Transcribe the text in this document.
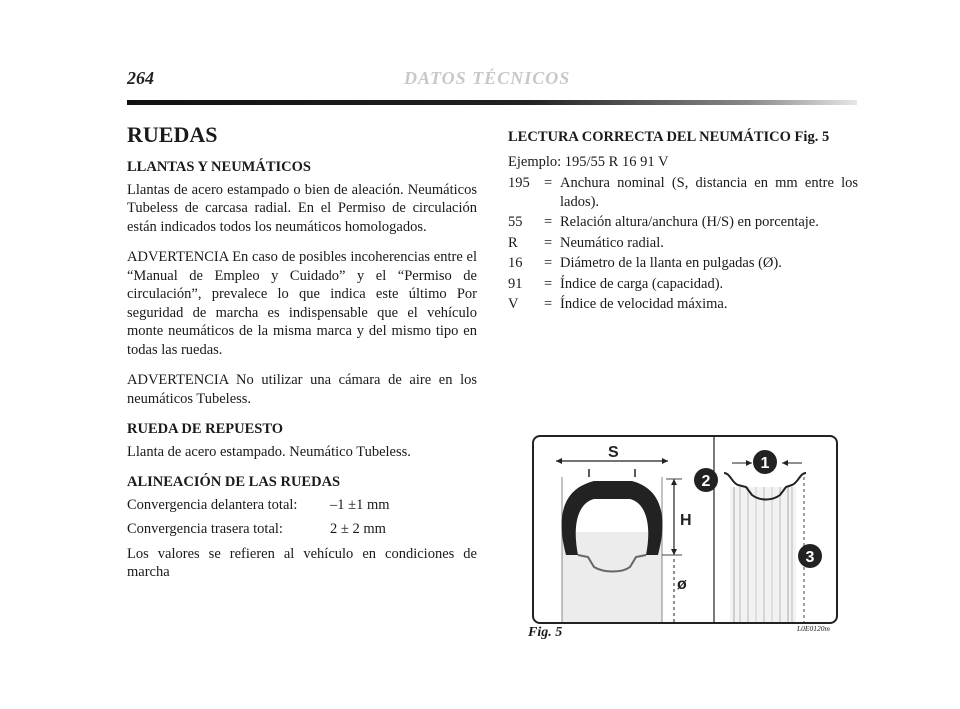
264	DATOS TÉCNICOS
RUEDAS
LLANTAS Y NEUMÁTICOS

Llantas de acero estampado o bien de aleación. Neumáticos Tubeless de carcasa radial. En el Permiso de circulación están indicados todos los neumáticos homologados.

ADVERTENCIA En caso de posibles incoherencias entre el “Manual de Empleo y Cuidado” y el “Permiso de circulación”, prevalece lo que indica este último Por seguridad de marcha es indispensable que el vehículo monte neumáticos de la misma marca y del mismo tipo en todas las ruedas.

ADVERTENCIA No utilizar una cámara de aire en los neumáticos Tubeless.

RUEDA DE REPUESTO

Llanta de acero estampado. Neumático Tubeless.

ALINEACIÓN DE LAS RUEDAS
Convergencia delantera total:	–1 ±1 mm
Convergencia trasera total:	2 ± 2 mm

Los valores se refieren al vehículo en condiciones de marcha

LECTURA CORRECTA DEL NEUMÁTICO Fig. 5
Ejemplo: 195/55 R 16 91 V
195 = Anchura nominal (S, distancia en mm entre los lados).
55	= Relación altura/anchura (H/S) en porcentaje.
R	= Neumático radial.
16	= Diámetro de la llanta en pulgadas (Ø).
91	= Índice de carga (capacidad).
V	= Índice de velocidad máxima.
S
H
ø
1
2
3
Fig. 5	L0E0120m
